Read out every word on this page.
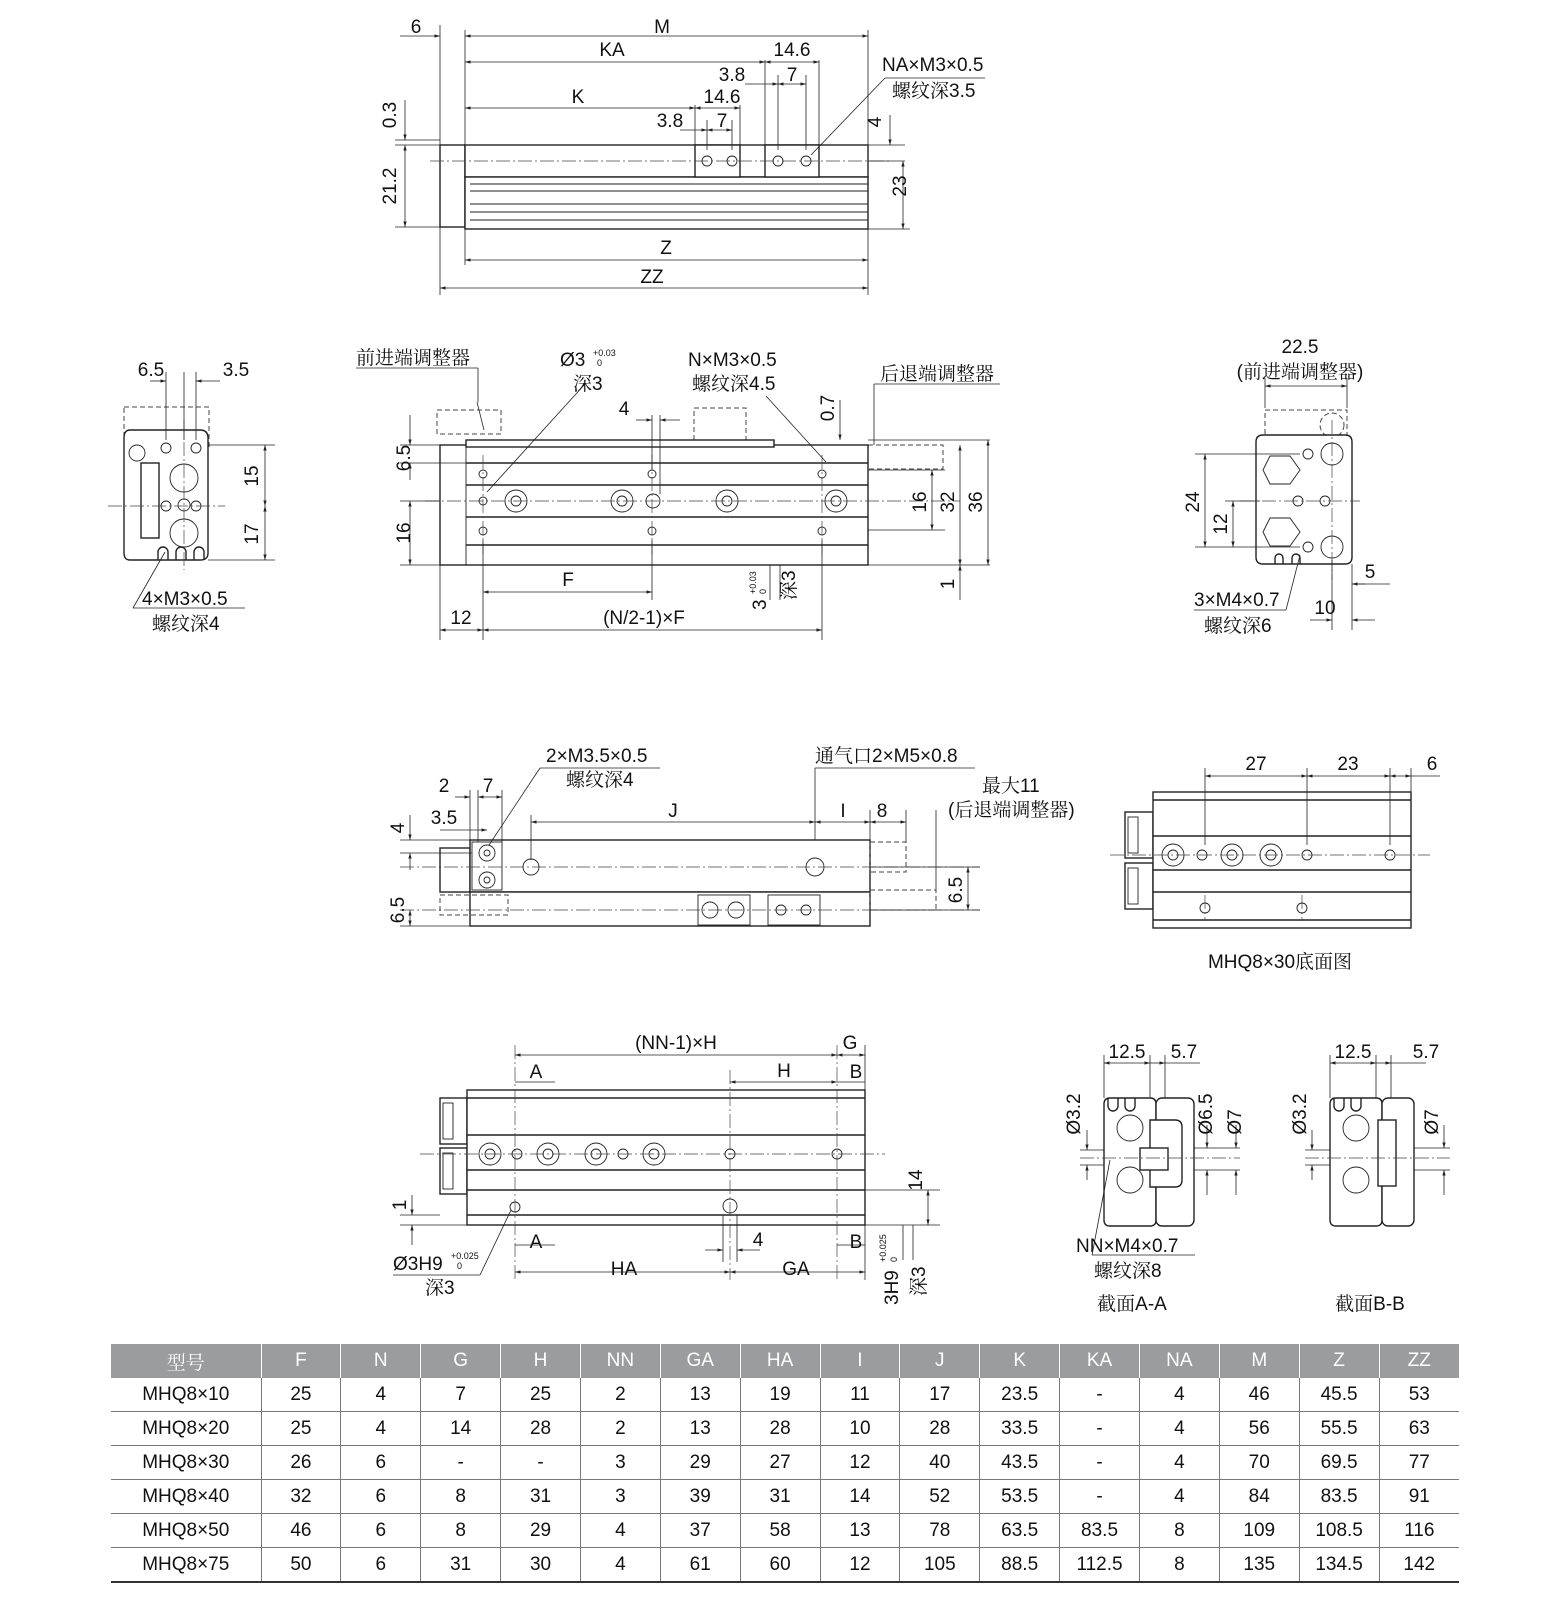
6	M
KA	14.6
3.8 7
K	14.6
3.8 7
0.3
21.2
4
23
Z
ZZ
NA×M3×0.5
螺纹深3.5
6.5	3.5
15
17
4×M3×0.5
螺纹深4
前进端调整器	Ø3 +0.03
0
深3
N×M3×0.5
螺纹深4.5	后退端调整器
4	0.7
6.5
16
16 32 36
1
F
12	(N/2-1)×F
3
+0.03 0 深3
22.5
(前进端调整器)
24
12
5
10
3×M4×0.7
螺纹深6
2×M3.5×0.5
螺纹深4
通气口2×M5×0.8
最大11
(后退端调整器)
2 7
3.5
4
J	I 8
6.5
6.5
27	23	6
MHQ8×30底面图
(NN-1)×H	G
A	H	B
14
1
A	4	B
HA	GA
Ø3H9 +0.025
0
深3	3H9
+0.025 0
深3
12.5 5.7
Ø3.2	Ø6.5 Ø7
NN×M4×0.7
螺纹深8
截面A-A
12.5 5.7
Ø3.2	Ø7
截面B-B
型号	F	N	G	H	NN	GA	HA	I	J	K	KA	NA	M	Z	ZZ
MHQ8×10	25	4	7	25	2	13	19	11	17	23.5	-	4	46	45.5	53
MHQ8×20	25	4	14	28	2	13	28	10	28	33.5	-	4	56	55.5	63
MHQ8×30	26	6	-	-	3	29	27	12	40	43.5	-	4	70	69.5	77
MHQ8×40	32	6	8	31	3	39	31	14	52	53.5	-	4	84	83.5	91
MHQ8×50	46	6	8	29	4	37	58	13	78	63.5	83.5	8	109	108.5	116
MHQ8×75	50	6	31	30	4	61	60	12	105	88.5	112.5	8	135	134.5	142
